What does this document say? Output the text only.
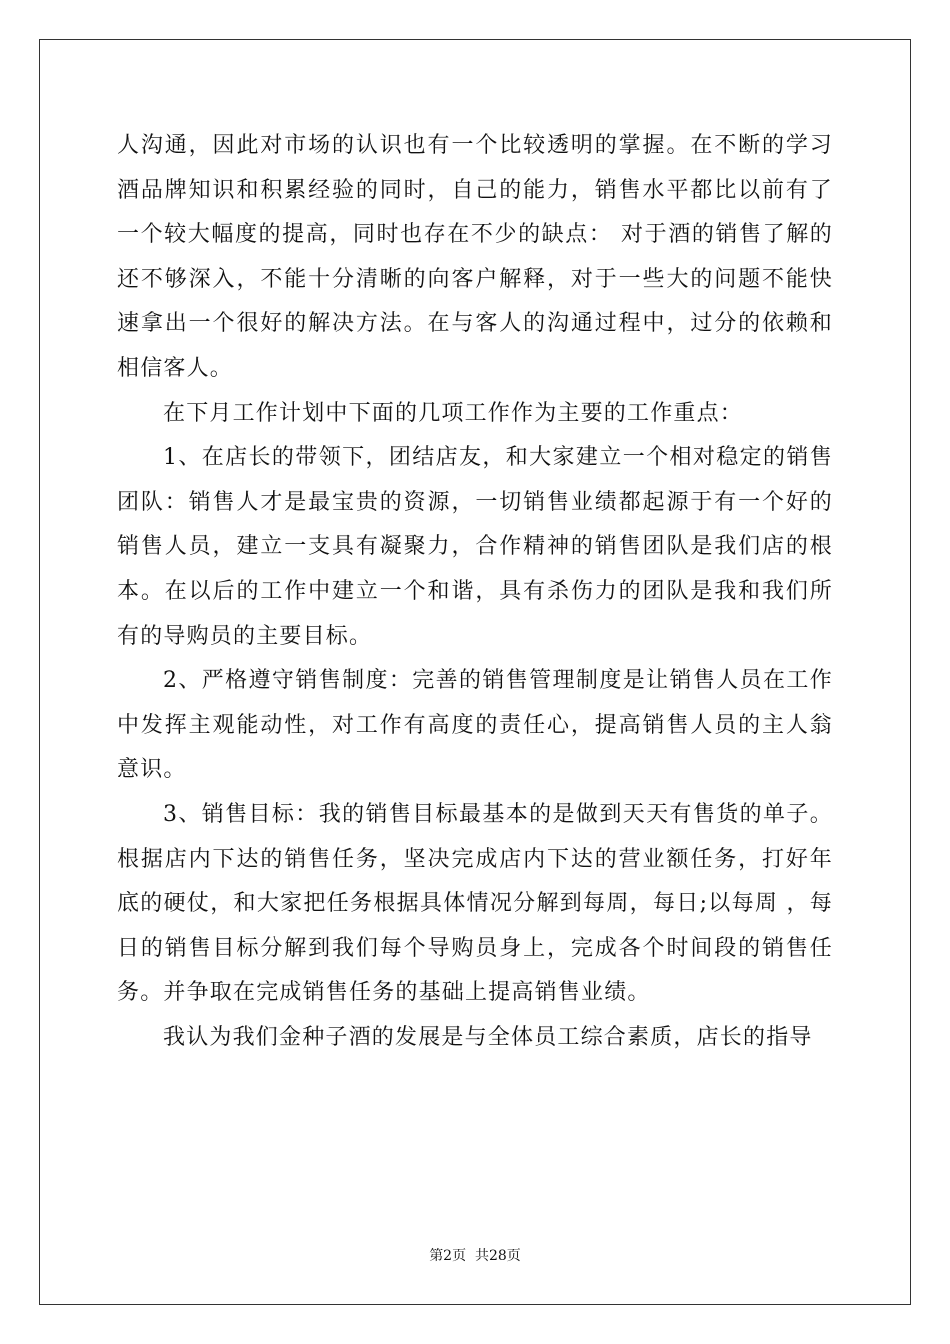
人沟通，因此对市场的认识也有一个比较透明的掌握。在不断的学习酒品牌知识和积累经验的同时，自己的能力，销售水平都比以前有了一个较大幅度的提高，同时也存在不少的缺点： 对于酒的销售了解的还不够深入，不能十分清晰的向客户解释，对于一些大的问题不能快速拿出一个很好的解决方法。在与客人的沟通过程中，过分的依赖和相信客人。

在下月工作计划中下面的几项工作作为主要的工作重点：

1、在店长的带领下，团结店友，和大家建立一个相对稳定的销售团队：销售人才是最宝贵的资源，一切销售业绩都起源于有一个好的销售人员，建立一支具有凝聚力，合作精神的销售团队是我们店的根本。在以后的工作中建立一个和谐，具有杀伤力的团队是我和我们所有的导购员的主要目标。

2、严格遵守销售制度：完善的销售管理制度是让销售人员在工作中发挥主观能动性，对工作有高度的责任心，提高销售人员的主人翁意识。

3、销售目标：我的销售目标最基本的是做到天天有售货的单子。根据店内下达的销售任务，坚决完成店内下达的营业额任务，打好年底的硬仗，和大家把任务根据具体情况分解到每周，每日;以每周 ，每日的销售目标分解到我们每个导购员身上，完成各个时间段的销售任务。并争取在完成销售任务的基础上提高销售业绩。

我认为我们金种子酒的发展是与全体员工综合素质，店长的指导

第2页  共28页
